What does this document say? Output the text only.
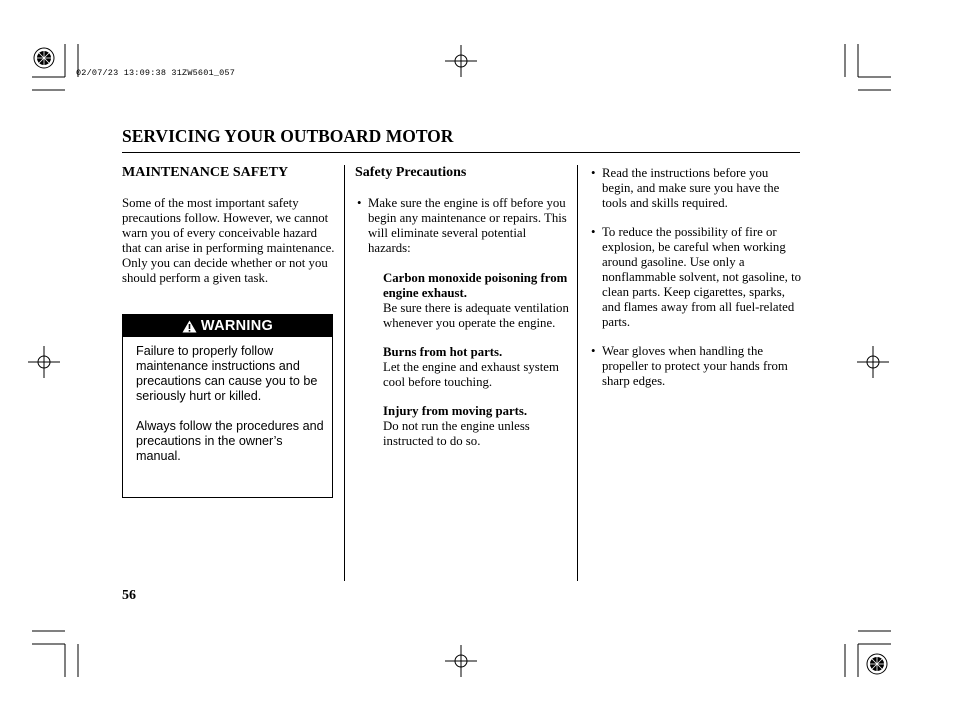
02/07/23 13:09:38 31ZW5601_057
SERVICING YOUR OUTBOARD MOTOR
MAINTENANCE SAFETY

Some of the most important safety precautions follow. However, we cannot warn you of every conceivable hazard that can arise in performing maintenance. Only you can decide whether or not you should perform a given task.

WARNING

Failure to properly follow maintenance instructions and precautions can cause you to be seriously hurt or killed.

Always follow the procedures and precautions in the owner’s manual.

Safety Precautions

• Make sure the engine is off before you begin any maintenance or repairs. This will eliminate several potential hazards:

Carbon monoxide poisoning from engine exhaust.
Be sure there is adequate ventilation whenever you operate the engine.

Burns from hot parts.
Let the engine and exhaust system cool before touching.

Injury from moving parts.
Do not run the engine unless instructed to do so.

• Read the instructions before you begin, and make sure you have the tools and skills required.

• To reduce the possibility of fire or explosion, be careful when working around gasoline. Use only a nonflammable solvent, not gasoline, to clean parts. Keep cigarettes, sparks, and flames away from all fuel-related parts.

• Wear gloves when handling the propeller to protect your hands from sharp edges.

56
